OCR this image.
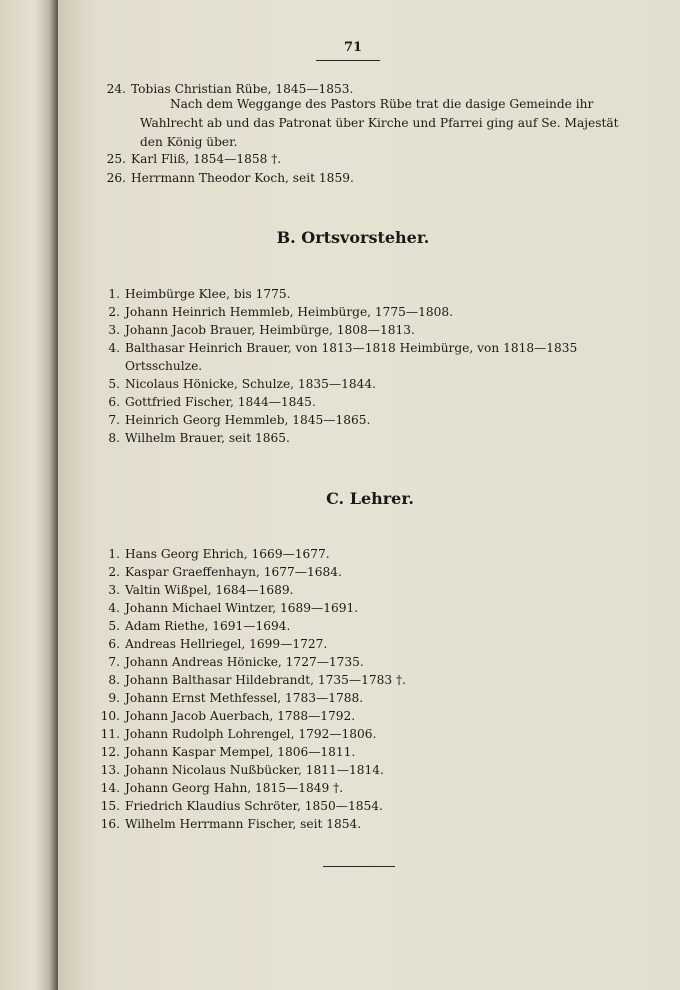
71
24. Tobias Christian Rübe, 1845—1853.
Nach dem Weggange des Pastors Rübe trat die dasige Gemeinde ihr
Wahlrecht ab und das Patronat über Kirche und Pfarrei ging auf Se. Majestät
den König über.
25. Karl Fliß, 1854—1858 †.
26. Herrmann Theodor Koch, seit 1859.
B. Ortsvorsteher.
1. Heimbürge Klee, bis 1775.
2. Johann Heinrich Hemmleb, Heimbürge, 1775—1808.
3. Johann Jacob Brauer, Heimbürge, 1808—1813.
4. Balthasar Heinrich Brauer, von 1813—1818 Heimbürge, von 1818—1835
Ortsschulze.
5. Nicolaus Hönicke, Schulze, 1835—1844.
6. Gottfried Fischer, 1844—1845.
7. Heinrich Georg Hemmleb, 1845—1865.
8. Wilhelm Brauer, seit 1865.
C. Lehrer.
1. Hans Georg Ehrich, 1669—1677.
2. Kaspar Graeffenhayn, 1677—1684.
3. Valtin Wißpel, 1684—1689.
4. Johann Michael Wintzer, 1689—1691.
5. Adam Riethe, 1691—1694.
6. Andreas Hellriegel, 1699—1727.
7. Johann Andreas Hönicke, 1727—1735.
8. Johann Balthasar Hildebrandt, 1735—1783 †.
9. Johann Ernst Methfessel, 1783—1788.
10. Johann Jacob Auerbach, 1788—1792.
11. Johann Rudolph Lohrengel, 1792—1806.
12. Johann Kaspar Mempel, 1806—1811.
13. Johann Nicolaus Nußbücker, 1811—1814.
14. Johann Georg Hahn, 1815—1849 †.
15. Friedrich Klaudius Schröter, 1850—1854.
16. Wilhelm Herrmann Fischer, seit 1854.
